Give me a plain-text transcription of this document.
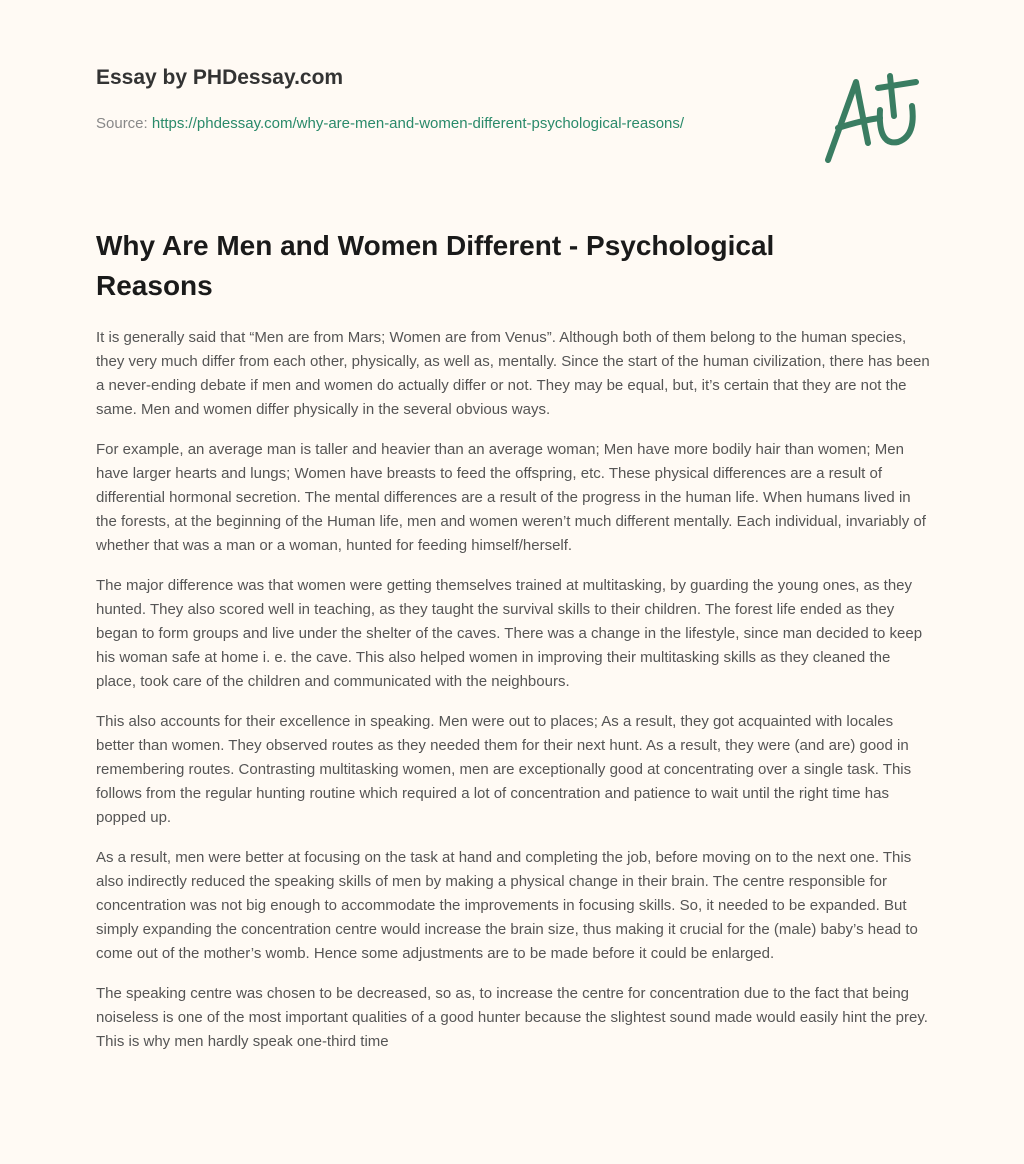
Essay by PHDessay.com
Source: https://phdessay.com/why-are-men-and-women-different-psychological-reasons/
Why Are Men and Women Different - Psychological Reasons

It is generally said that “Men are from Mars; Women are from Venus”. Although both of them belong to the human species, they very much differ from each other, physically, as well as, mentally. Since the start of the human civilization, there has been a never-ending debate if men and women do actually differ or not. They may be equal, but, it’s certain that they are not the same. Men and women differ physically in the several obvious ways.

For example, an average man is taller and heavier than an average woman; Men have more bodily hair than women; Men have larger hearts and lungs; Women have breasts to feed the offspring, etc. These physical differences are a result of differential hormonal secretion. The mental differences are a result of the progress in the human life. When humans lived in the forests, at the beginning of the Human life, men and women weren’t much different mentally. Each individual, invariably of whether that was a man or a woman, hunted for feeding himself/herself.

The major difference was that women were getting themselves trained at multitasking, by guarding the young ones, as they hunted. They also scored well in teaching, as they taught the survival skills to their children. The forest life ended as they began to form groups and live under the shelter of the caves. There was a change in the lifestyle, since man decided to keep his woman safe at home i. e. the cave. This also helped women in improving their multitasking skills as they cleaned the place, took care of the children and communicated with the neighbours.

This also accounts for their excellence in speaking. Men were out to places; As a result, they got acquainted with locales better than women. They observed routes as they needed them for their next hunt. As a result, they were (and are) good in remembering routes. Contrasting multitasking women, men are exceptionally good at concentrating over a single task. This follows from the regular hunting routine which required a lot of concentration and patience to wait until the right time has popped up.

As a result, men were better at focusing on the task at hand and completing the job, before moving on to the next one. This also indirectly reduced the speaking skills of men by making a physical change in their brain. The centre responsible for concentration was not big enough to accommodate the improvements in focusing skills. So, it needed to be expanded. But simply expanding the concentration centre would increase the brain size, thus making it crucial for the (male) baby’s head to come out of the mother’s womb. Hence some adjustments are to be made before it could be enlarged.

The speaking centre was chosen to be decreased, so as, to increase the centre for concentration due to the fact that being noiseless is one of the most important qualities of a good hunter because the slightest sound made would easily hint the prey. This is why men hardly speak one-third time
